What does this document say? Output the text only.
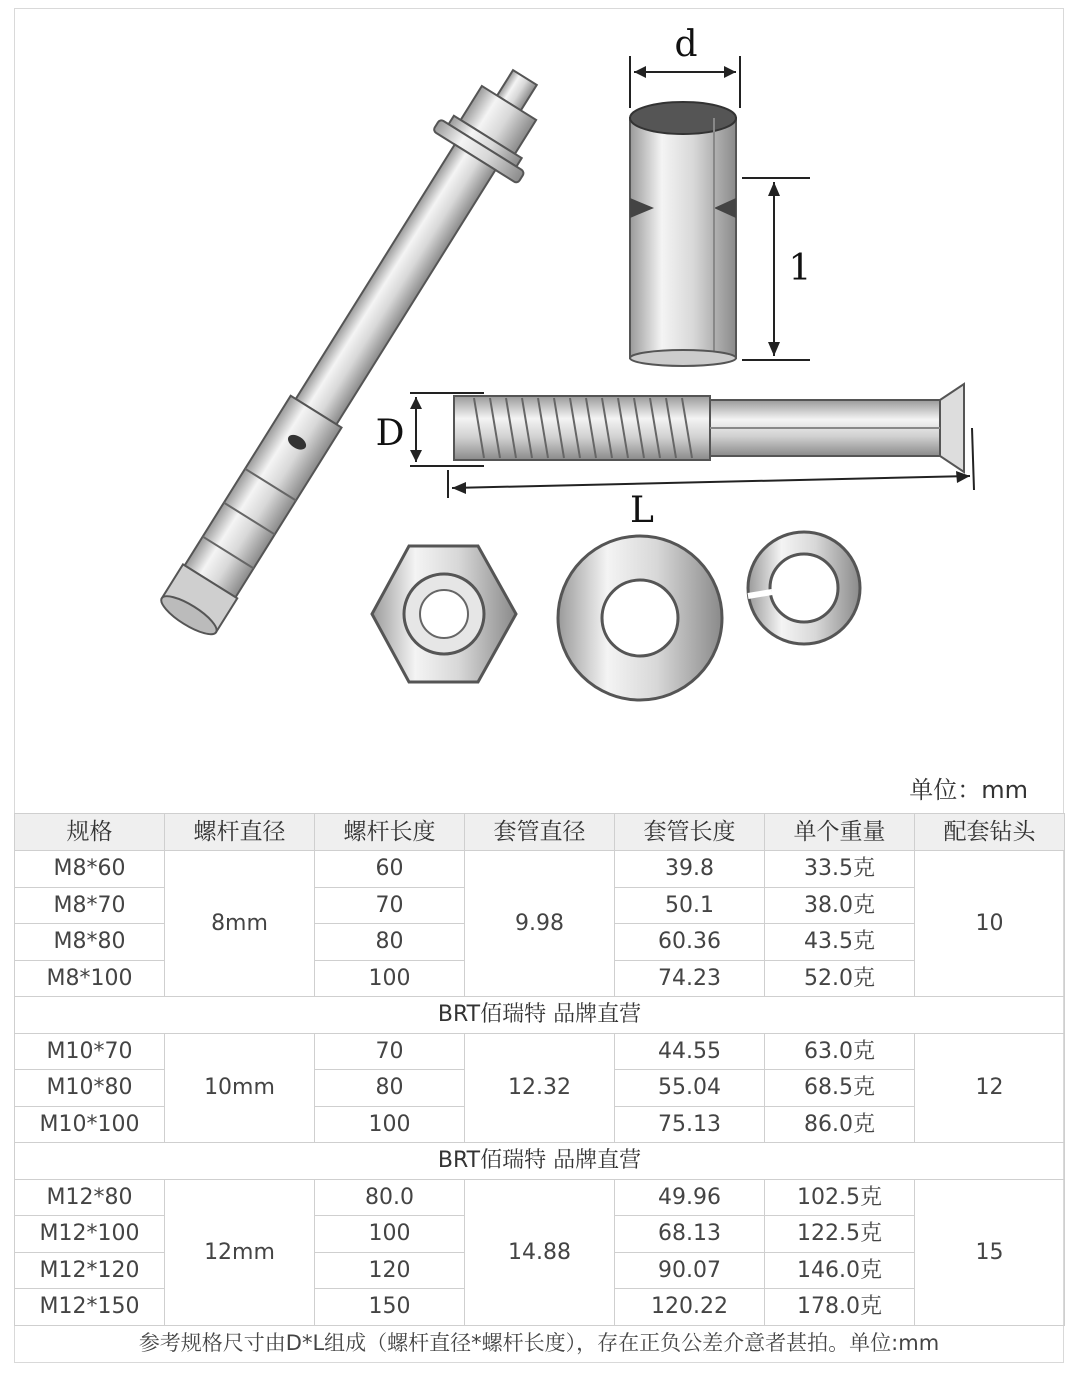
d
1
D
L
单位：mm
规格	螺杆直径	螺杆长度	套管直径	套管长度	单个重量	配套钻头
M8*60	8mm	60	9.98	39.8	33.5克	10
M8*70		70		50.1	38.0克	
M8*80		80		60.36	43.5克	
M8*100		100		74.23	52.0克	
BRT佰瑞特 品牌直营						
M10*70	10mm	70	12.32	44.55	63.0克	12
M10*80		80		55.04	68.5克	
M10*100		100		75.13	86.0克	
BRT佰瑞特 品牌直营						
M12*80	12mm	80.0	14.88	49.96	102.5克	15
M12*100		100		68.13	122.5克	
M12*120		120		90.07	146.0克	
M12*150		150		120.22	178.0克	
参考规格尺寸由D*L组成（螺杆直径*螺杆长度），存在正负公差介意者甚拍。单位:mm
